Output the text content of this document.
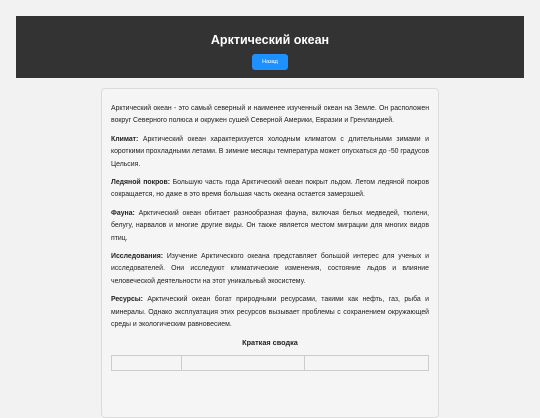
Арктический океан
Назад

Арктический океан - это самый северный и наименее изученный океан на Земле. Он расположен вокруг Северного полюса и окружен сушей Северной Америки, Евразии и Гренландией.

Климат: Арктический океан характеризуется холодным климатом с длительными зимами и короткими прохладными летами. В зимние месяцы температура может опускаться до -50 градусов Цельсия.

Ледяной покров: Большую часть года Арктический океан покрыт льдом. Летом ледяной покров сокращается, но даже в это время большая часть океана остается замерзшей.

Фауна: Арктический океан обитает разнообразная фауна, включая белых медведей, тюлени, белугу, нарвалов и многие другие виды. Он также является местом миграции для многих видов птиц.

Исследования: Изучение Арктического океана представляет большой интерес для ученых и исследователей. Они исследуют климатические изменения, состояние льдов и влияние человеческой деятельности на этот уникальный экосистему.

Ресурсы: Арктический океан богат природными ресурсами, такими как нефть, газ, рыба и минералы. Однако эксплуатация этих ресурсов вызывает проблемы с сохранением окружающей среды и экологическим равновесием.

Краткая сводка
